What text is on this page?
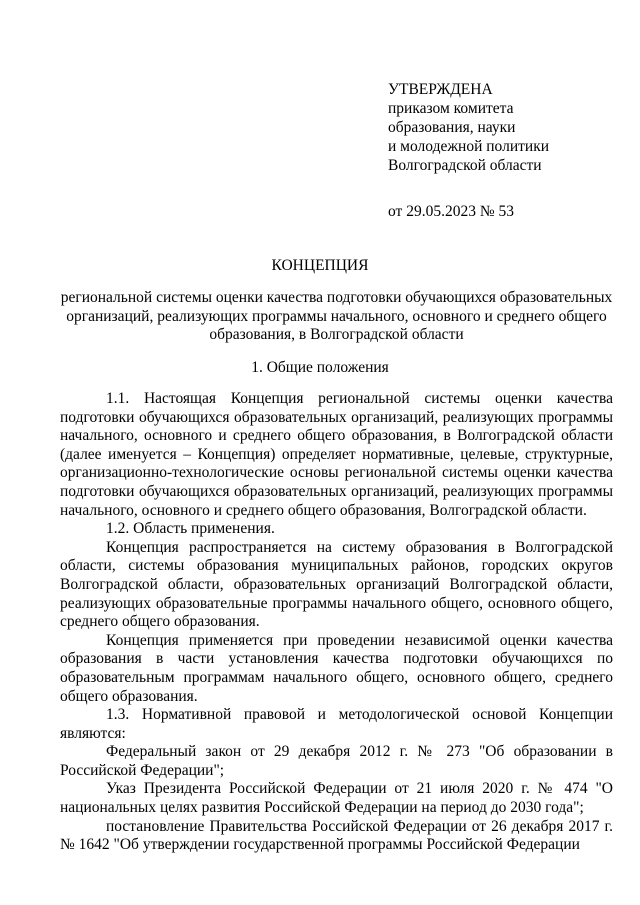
УТВЕРЖДЕНА
приказом комитета
образования, науки
и молодежной политики
Волгоградской области
от 29.05.2023 № 53
КОНЦЕПЦИЯ
региональной системы оценки качества подготовки обучающихся образовательных организаций, реализующих программы начального, основного и среднего общего образования, в Волгоградской области
1. Общие положения

1.1. Настоящая Концепция региональной системы оценки качества подготовки обучающихся образовательных организаций, реализующих программы начального, основного и среднего общего образования, в Волгоградской области (далее именуется – Концепция) определяет нормативные, целевые, структурные, организационно-технологические основы региональной системы оценки качества подготовки обучающихся образовательных организаций, реализующих программы начального, основного и среднего общего образования, Волгоградской области.

1.2. Область применения.

Концепция распространяется на систему образования в Волгоградской области, системы образования муниципальных районов, городских округов Волгоградской области, образовательных организаций Волгоградской области, реализующих образовательные программы начального общего, основного общего, среднего общего образования.

Концепция применяется при проведении независимой оценки качества образования в части установления качества подготовки обучающихся по образовательным программам начального общего, основного общего, среднего общего образования.

1.3. Нормативной правовой и методологической основой Концепции являются:

Федеральный закон от 29 декабря 2012 г. № 273 "Об образовании в Российской Федерации";

Указ Президента Российской Федерации от 21 июля 2020 г. № 474 "О национальных целях развития Российской Федерации на период до 2030 года";

постановление Правительства Российской Федерации от 26 декабря 2017 г. № 1642 "Об утверждении государственной программы Российской Федерации
